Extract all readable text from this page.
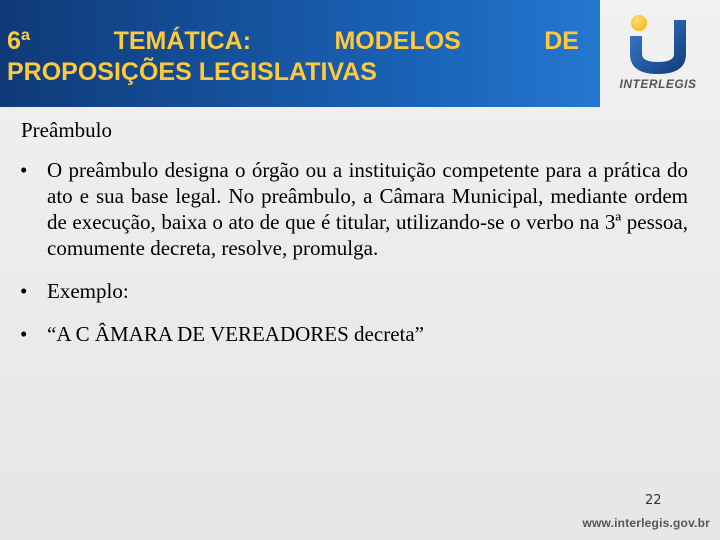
6ª	TEMÁTICA:	MODELOS	DE
PROPOSIÇÕES LEGISLATIVAS	INTERLEGIS
Preâmbulo
• O preâmbulo designa o órgão ou a instituição competente para a prática do ato e sua base legal. No preâmbulo, a Câmara Municipal, mediante ordem de execução, baixa o ato de que é titular, utilizando-se o verbo na 3ª pessoa, comumente decreta, resolve, promulga.
• Exemplo:
• “A C ÂMARA DE VEREADORES decreta”
22
www.interlegis.gov.br
